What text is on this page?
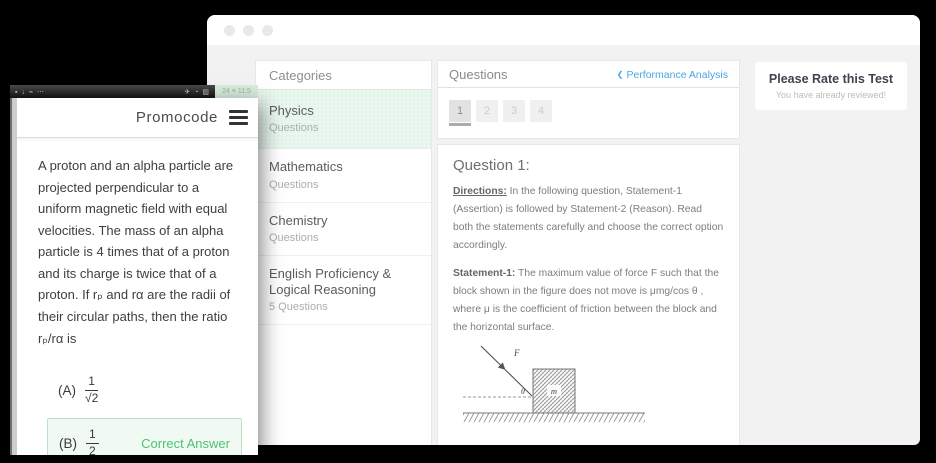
Categories
Physics
Questions
Mathematics
Questions
Chemistry
Questions
English Proficiency & Logical Reasoning
5 Questions
Questions	❮ Performance Analysis
1	2	3	4
Question 1:

Directions: In the following question, Statement-1 (Assertion) is followed by Statement-2 (Reason). Read both the statements carefully and choose the correct option accordingly.

Statement-1: The maximum value of force F such that the block shown in the figure does not move is μmg/cos θ , where μ is the coefficient of friction between the block and the horizontal surface.

F
θ	m

Please Rate this Test
You have already reviewed!
▪ ↓ ⌁ ⋯	✈ ◔ ▨	24 ≡ 11:5
Promocode

A proton and an alpha particle are projected perpendicular to a uniform magnetic field with equal velocities. The mass of an alpha particle is 4 times that of a proton and its charge is twice that of a proton. If rₚ and rα are the radii of their circular paths, then the ratio rₚ/rα is

$(A) \frac{1}{√2}$
$(B) \frac{1}{2}$	Correct Answer
